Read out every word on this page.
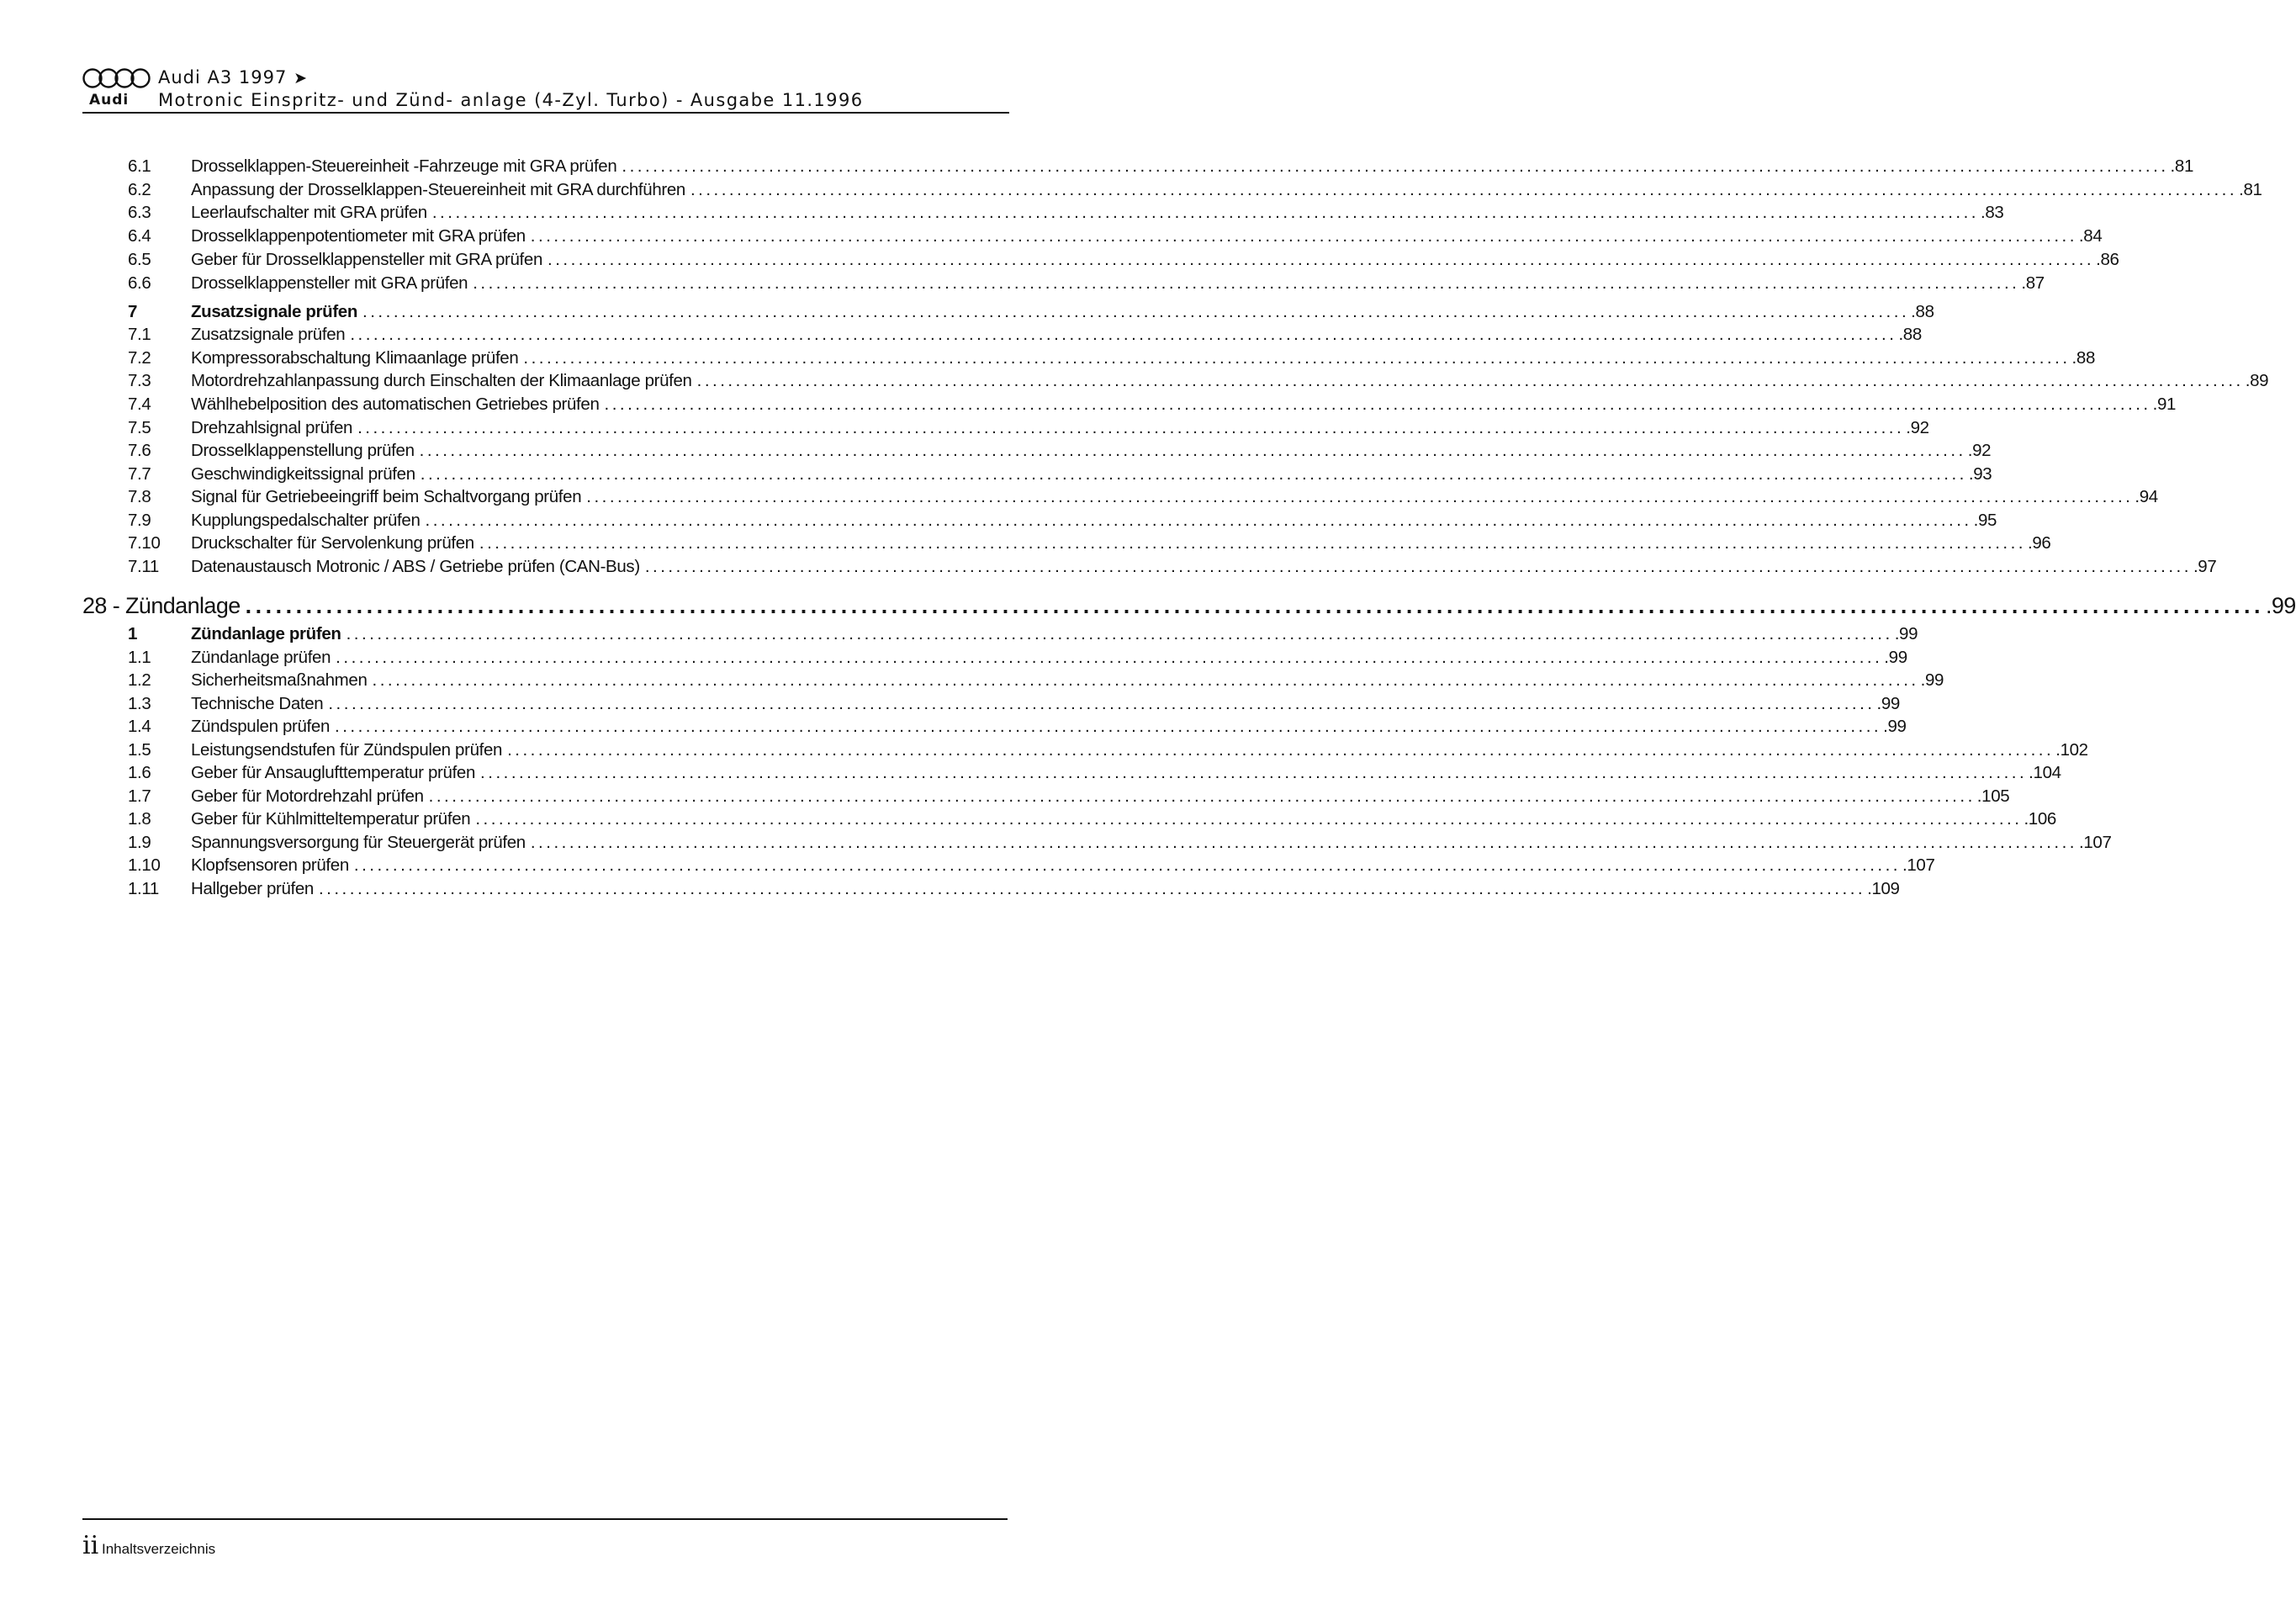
Audi
Audi A3 1997 ➤
Motronic Einspritz- und Zünd- anlage (4-Zyl. Turbo) - Ausgabe 11.1996
6.1 Drosselklappen-Steuereinheit -Fahrzeuge mit GRA prüfen ........................................................................................................................................................................................................ .81
6.2 Anpassung der Drosselklappen-Steuereinheit mit GRA durchführen ........................................................................................................................................................................................................ .81
6.3 Leerlaufschalter mit GRA prüfen ........................................................................................................................................................................................................ .83
6.4 Drosselklappenpotentiometer mit GRA prüfen ........................................................................................................................................................................................................ .84
6.5 Geber für Drosselklappensteller mit GRA prüfen ........................................................................................................................................................................................................ .86
6.6 Drosselklappensteller mit GRA prüfen ........................................................................................................................................................................................................ .87
7	Zusatzsignale prüfen ........................................................................................................................................................................................................ .88
7.1 Zusatzsignale prüfen ........................................................................................................................................................................................................ .88
7.2 Kompressorabschaltung Klimaanlage prüfen ........................................................................................................................................................................................................ .88
7.3 Motordrehzahlanpassung durch Einschalten der Klimaanlage prüfen ........................................................................................................................................................................................................ .89
7.4 Wählhebelposition des automatischen Getriebes prüfen ........................................................................................................................................................................................................ .91
7.5 Drehzahlsignal prüfen ........................................................................................................................................................................................................ .92
7.6 Drosselklappenstellung prüfen ........................................................................................................................................................................................................ .92
7.7 Geschwindigkeitssignal prüfen ........................................................................................................................................................................................................ .93
7.8 Signal für Getriebeeingriff beim Schaltvorgang prüfen ........................................................................................................................................................................................................ .94
7.9 Kupplungspedalschalter prüfen ........................................................................................................................................................................................................ .95
7.10 Druckschalter für Servolenkung prüfen ........................................................................................................................................................................................................ .96
7.11 Datenaustausch Motronic / ABS / Getriebe prüfen (CAN-Bus) ........................................................................................................................................................................................................ .97
28 - Zündanlage ........................................................................................................................................................................................................ .99
1	Zündanlage prüfen ........................................................................................................................................................................................................ .99
1.1 Zündanlage prüfen ........................................................................................................................................................................................................ .99
1.2 Sicherheitsmaßnahmen ........................................................................................................................................................................................................ .99
1.3 Technische Daten ........................................................................................................................................................................................................ .99
1.4 Zündspulen prüfen ........................................................................................................................................................................................................ .99
1.5 Leistungsendstufen für Zündspulen prüfen ........................................................................................................................................................................................................ .102
1.6 Geber für Ansauglufttemperatur prüfen ........................................................................................................................................................................................................ .104
1.7 Geber für Motordrehzahl prüfen ........................................................................................................................................................................................................ .105
1.8 Geber für Kühlmitteltemperatur prüfen ........................................................................................................................................................................................................ .106
1.9 Spannungsversorgung für Steuergerät prüfen ........................................................................................................................................................................................................ .107
1.10 Klopfsensoren prüfen ........................................................................................................................................................................................................ .107
1.11 Hallgeber prüfen ........................................................................................................................................................................................................ .109
ii Inhaltsverzeichnis
